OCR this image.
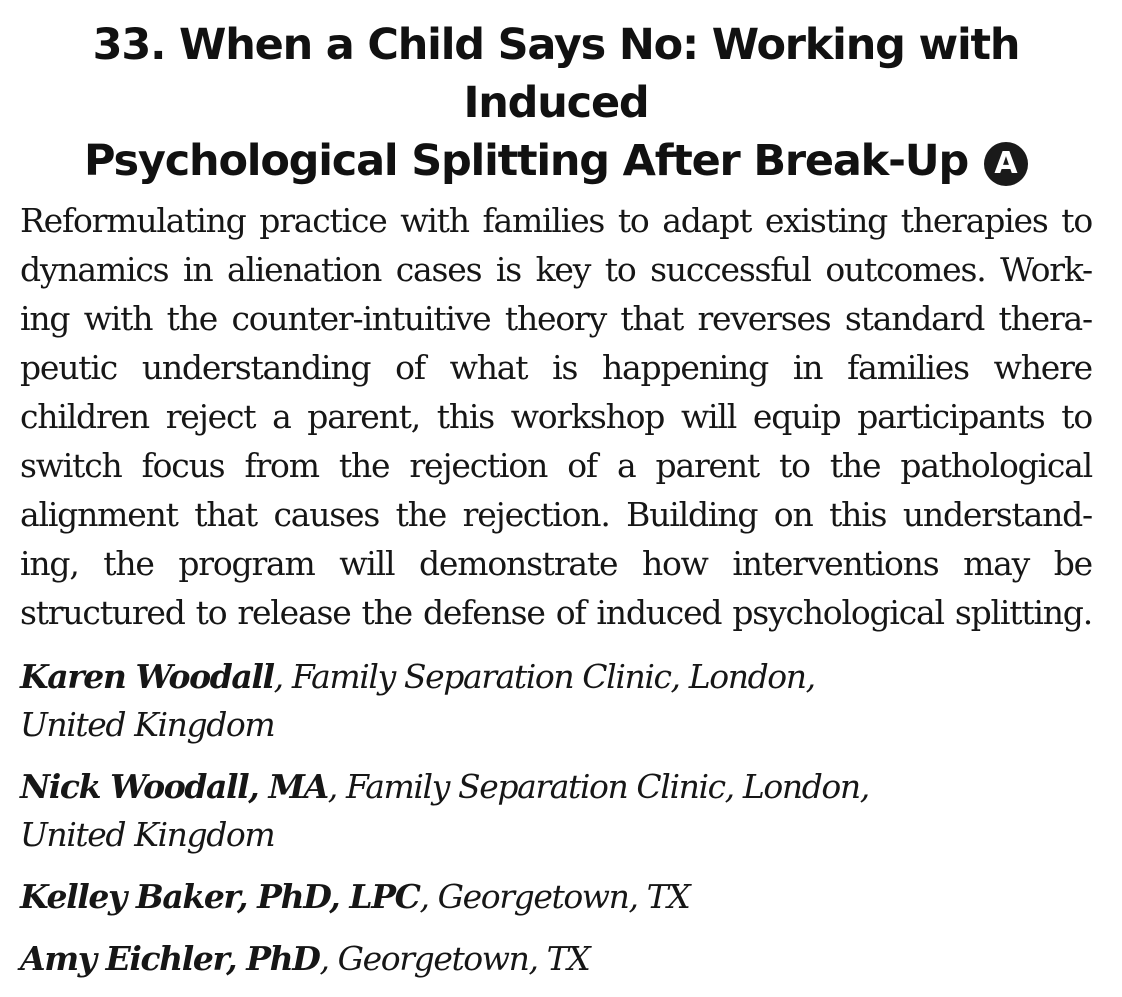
33. When a Child Says No: Working with Induced
Psychological Splitting After Break-Up A
Reformulating practice with families to adapt existing therapies to
dynamics in alienation cases is key to successful outcomes. Work-
ing with the counter-intuitive theory that reverses standard thera-
peutic understanding of what is happening in families where
children reject a parent, this workshop will equip participants to
switch focus from the rejection of a parent to the pathological
alignment that causes the rejection. Building on this understand-
ing, the program will demonstrate how interventions may be
structured to release the defense of induced psychological splitting.
Karen Woodall, Family Separation Clinic, London,
United Kingdom
Nick Woodall, MA, Family Separation Clinic, London,
United Kingdom
Kelley Baker, PhD, LPC, Georgetown, TX
Amy Eichler, PhD, Georgetown, TX
